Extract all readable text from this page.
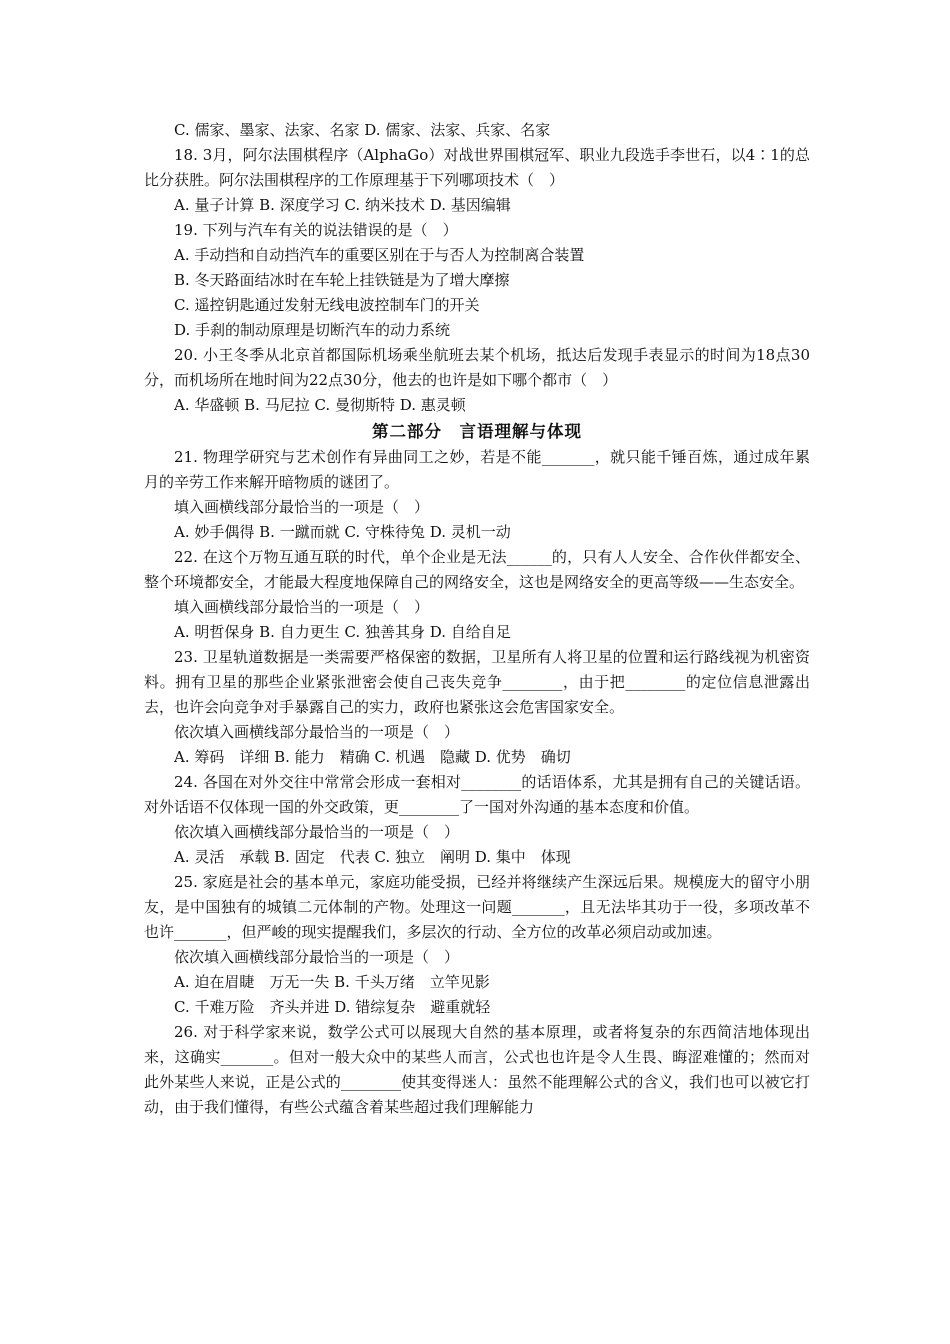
C. 儒家、墨家、法家、名家 D. 儒家、法家、兵家、名家

18. 3月，阿尔法围棋程序（AlphaGo）对战世界围棋冠军、职业九段选手李世石，以4∶1的总比分获胜。阿尔法围棋程序的工作原理基于下列哪项技术（　）

A. 量子计算 B. 深度学习 C. 纳米技术 D. 基因编辑

19. 下列与汽车有关的说法错误的是（　）

A. 手动挡和自动挡汽车的重要区别在于与否人为控制离合装置

B. 冬天路面结冰时在车轮上挂铁链是为了增大摩擦

C. 遥控钥匙通过发射无线电波控制车门的开关

D. 手刹的制动原理是切断汽车的动力系统

20. 小王冬季从北京首都国际机场乘坐航班去某个机场，抵达后发现手表显示的时间为18点30分，而机场所在地时间为22点30分，他去的也许是如下哪个都市（　）

A. 华盛顿 B. 马尼拉 C. 曼彻斯特 D. 惠灵顿

第二部分　言语理解与体现

21. 物理学研究与艺术创作有异曲同工之妙，若是不能_______，就只能千锤百炼，通过成年累月的辛劳工作来解开暗物质的谜团了。

填入画横线部分最恰当的一项是（　）

A. 妙手偶得 B. 一蹴而就 C. 守株待兔 D. 灵机一动

22. 在这个万物互通互联的时代，单个企业是无法______的，只有人人安全、合作伙伴都安全、整个环境都安全，才能最大程度地保障自己的网络安全，这也是网络安全的更高等级——生态安全。

填入画横线部分最恰当的一项是（　）

A. 明哲保身 B. 自力更生 C. 独善其身 D. 自给自足

23. 卫星轨道数据是一类需要严格保密的数据，卫星所有人将卫星的位置和运行路线视为机密资料。拥有卫星的那些企业紧张泄密会使自己丧失竞争________，由于把________的定位信息泄露出去，也许会向竞争对手暴露自己的实力，政府也紧张这会危害国家安全。

依次填入画横线部分最恰当的一项是（　）

A. 筹码　详细 B. 能力　精确 C. 机遇　隐藏 D. 优势　确切

24. 各国在对外交往中常常会形成一套相对________的话语体系，尤其是拥有自己的关键话语。对外话语不仅体现一国的外交政策，更________了一国对外沟通的基本态度和价值。

依次填入画横线部分最恰当的一项是（　）

A. 灵活　承载 B. 固定　代表 C. 独立　阐明 D. 集中　体现

25. 家庭是社会的基本单元，家庭功能受损，已经并将继续产生深远后果。规模庞大的留守小朋友，是中国独有的城镇二元体制的产物。处理这一问题_______，且无法毕其功于一役，多项改革不也许_______，但严峻的现实提醒我们，多层次的行动、全方位的改革必须启动或加速。

依次填入画横线部分最恰当的一项是（　）

A. 迫在眉睫　万无一失 B. 千头万绪　立竿见影

C. 千难万险　齐头并进 D. 错综复杂　避重就轻

26. 对于科学家来说，数学公式可以展现大自然的基本原理，或者将复杂的东西简洁地体现出来，这确实_______。但对一般大众中的某些人而言，公式也也许是令人生畏、晦涩难懂的；然而对此外某些人来说，正是公式的________使其变得迷人：虽然不能理解公式的含义，我们也可以被它打动，由于我们懂得，有些公式蕴含着某些超过我们理解能力
